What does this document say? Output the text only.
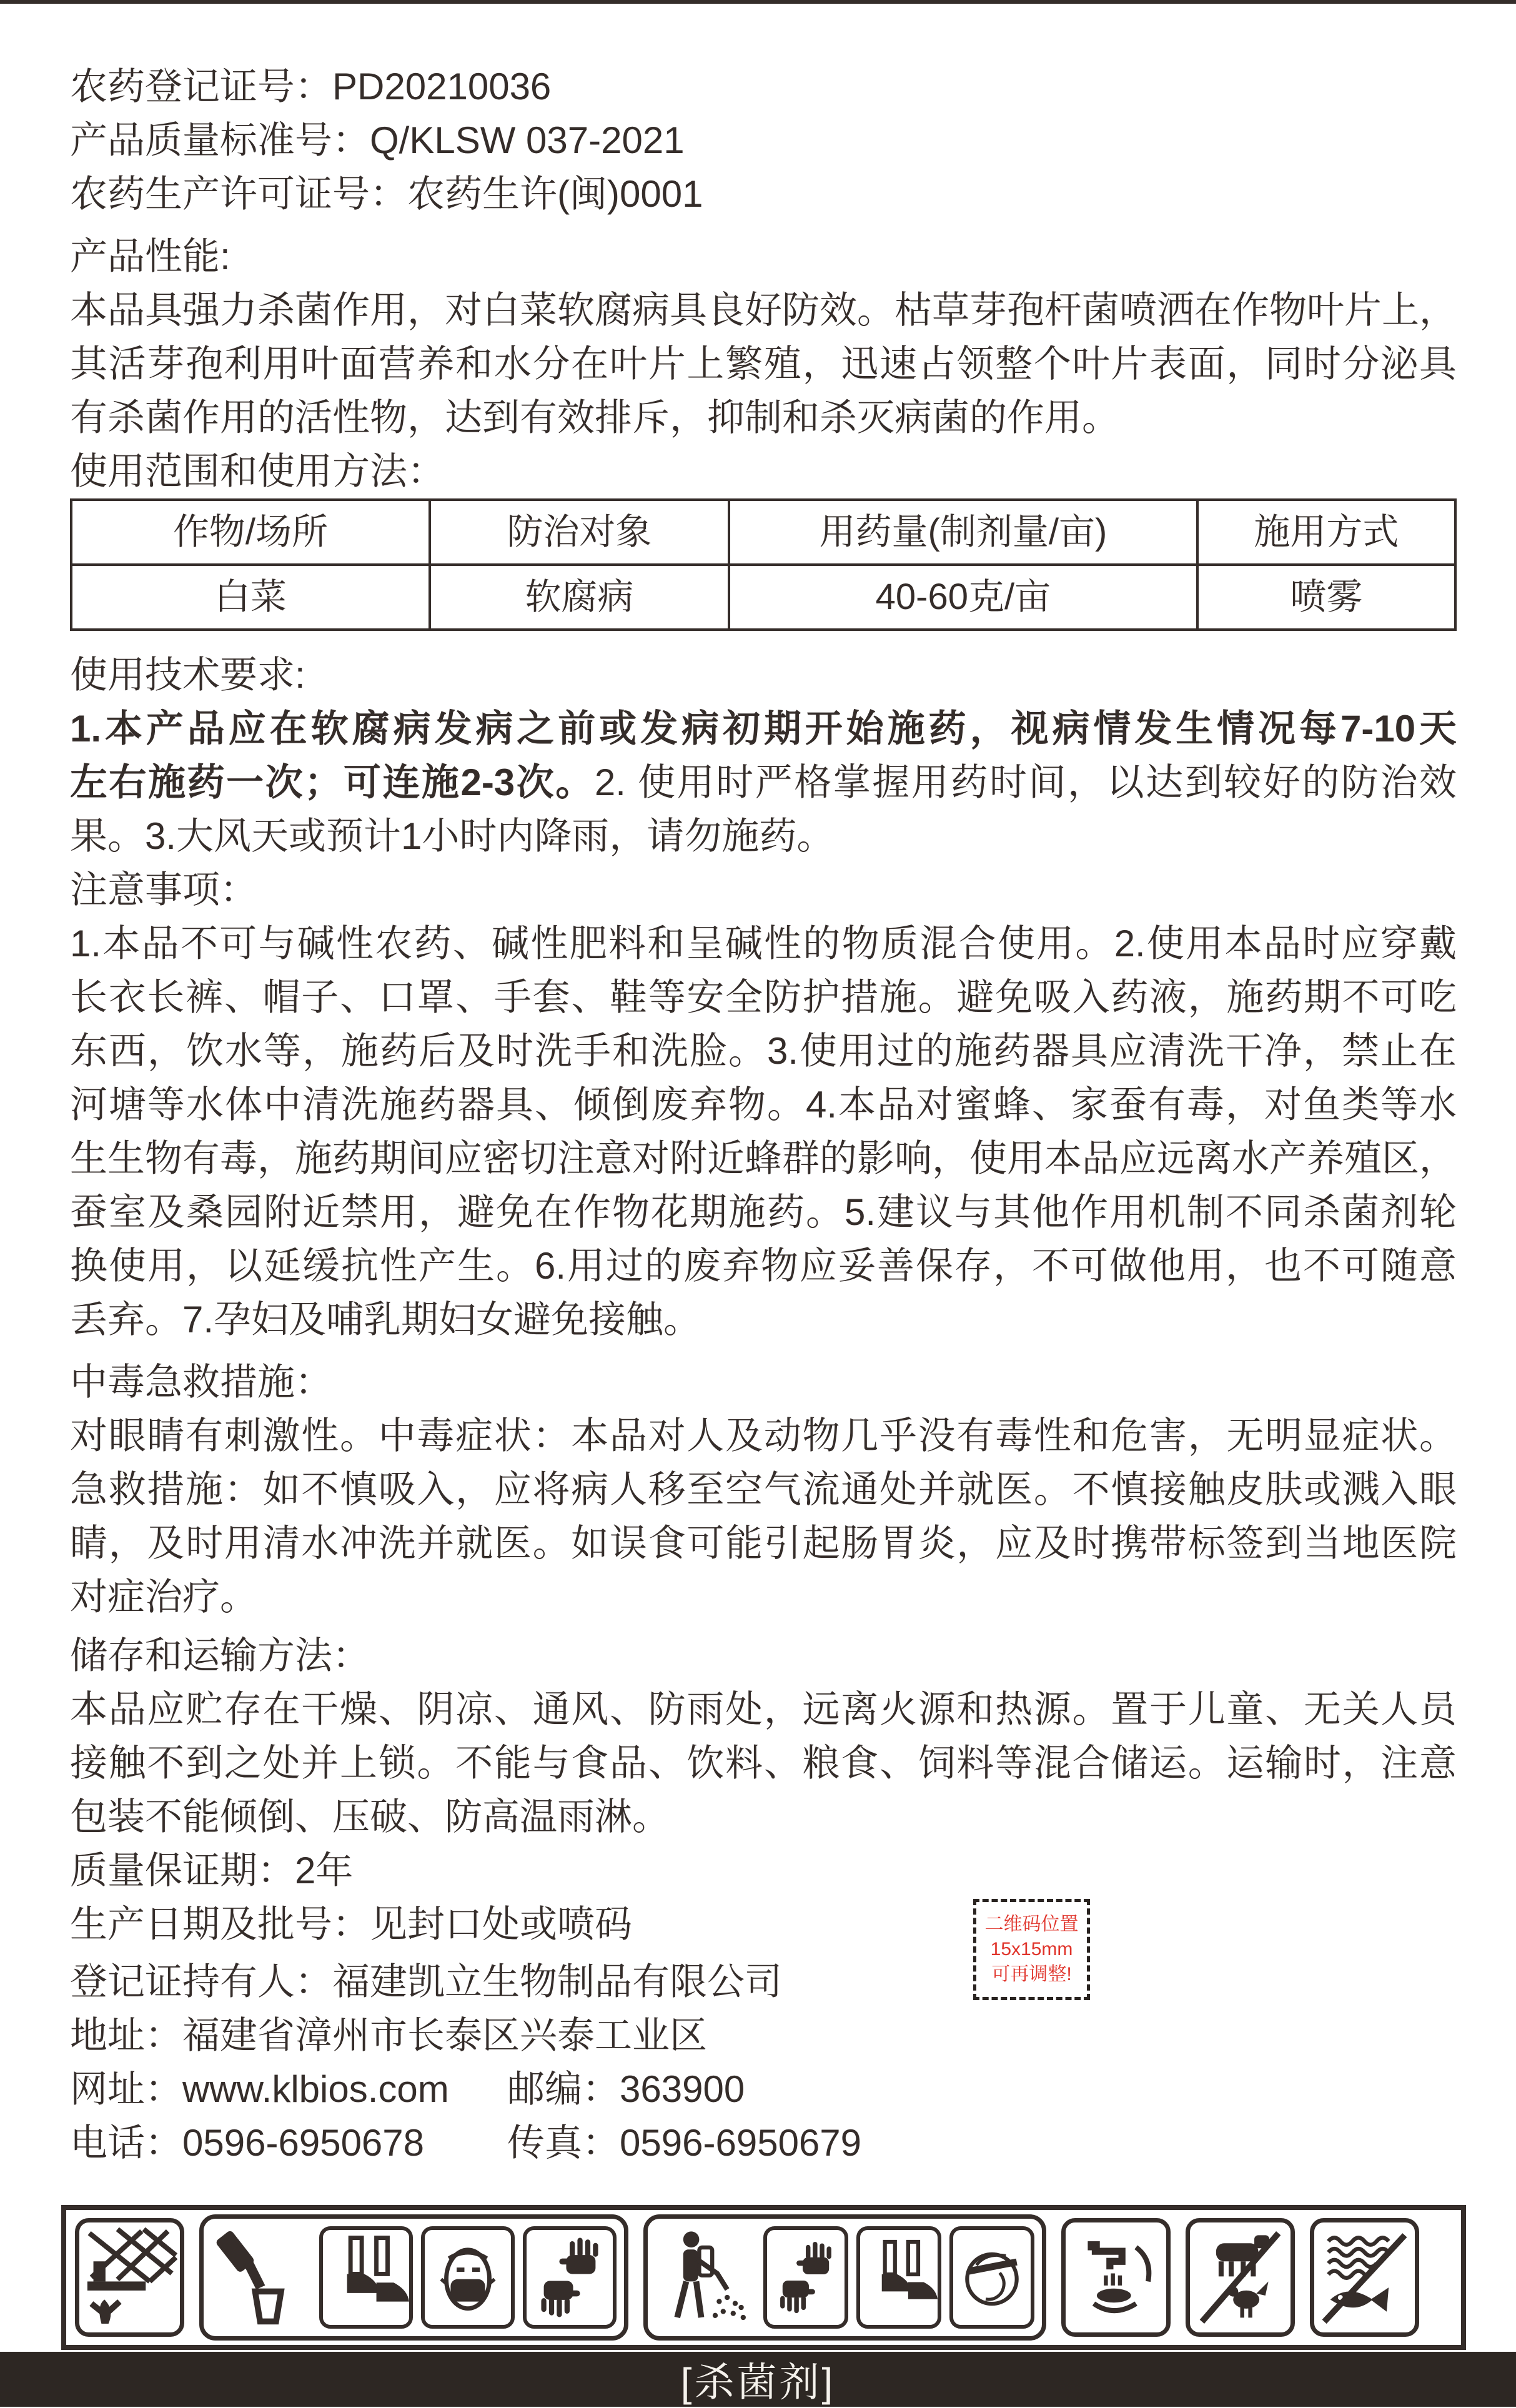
农药登记证号：PD20210036
产品质量标准号：Q/KLSW 037-2021
农药生产许可证号：农药生许(闽)0001
产品性能:
本品具强力杀菌作用，对白菜软腐病具良好防效。枯草芽孢杆菌喷洒在作物叶片上，
其活芽孢利用叶面营养和水分在叶片上繁殖，迅速占领整个叶片表面，同时分泌具
有杀菌作用的活性物，达到有效排斥，抑制和杀灭病菌的作用。
使用范围和使用方法：
作物/场所	防治对象	用药量(制剂量/亩)	施用方式
白菜	软腐病	40-60克/亩	喷雾
使用技术要求:
1.本产品应在软腐病发病之前或发病初期开始施药，视病情发生情况每7-10天
左右施药一次；可连施2-3次。2. 使用时严格掌握用药时间，以达到较好的防治效
果。3.大风天或预计1小时内降雨，请勿施药。
注意事项：
1.本品不可与碱性农药、碱性肥料和呈碱性的物质混合使用。2.使用本品时应穿戴
长衣长裤、帽子、口罩、手套、鞋等安全防护措施。避免吸入药液，施药期不可吃
东西，饮水等，施药后及时洗手和洗脸。3.使用过的施药器具应清洗干净，禁止在
河塘等水体中清洗施药器具、倾倒废弃物。4.本品对蜜蜂、家蚕有毒，对鱼类等水
生生物有毒，施药期间应密切注意对附近蜂群的影响，使用本品应远离水产养殖区，
蚕室及桑园附近禁用，避免在作物花期施药。5.建议与其他作用机制不同杀菌剂轮
换使用，以延缓抗性产生。6.用过的废弃物应妥善保存，不可做他用，也不可随意
丢弃。7.孕妇及哺乳期妇女避免接触。
中毒急救措施：
对眼睛有刺激性。中毒症状：本品对人及动物几乎没有毒性和危害，无明显症状。
急救措施：如不慎吸入，应将病人移至空气流通处并就医。不慎接触皮肤或溅入眼
睛，及时用清水冲洗并就医。如误食可能引起肠胃炎，应及时携带标签到当地医院
对症治疗。
储存和运输方法：
本品应贮存在干燥、阴凉、通风、防雨处，远离火源和热源。置于儿童、无关人员
接触不到之处并上锁。不能与食品、饮料、粮食、饲料等混合储运。运输时，注意
包装不能倾倒、压破、防高温雨淋。
质量保证期：2年
生产日期及批号：见封口处或喷码	二维码位置
15x15mm
可再调整!
登记证持有人：福建凯立生物制品有限公司
地址：福建省漳州市长泰区兴泰工业区
网址：www.klbios.com 邮编：363900
电话：0596-6950678 传真：0596-6950679
[杀菌剂]
